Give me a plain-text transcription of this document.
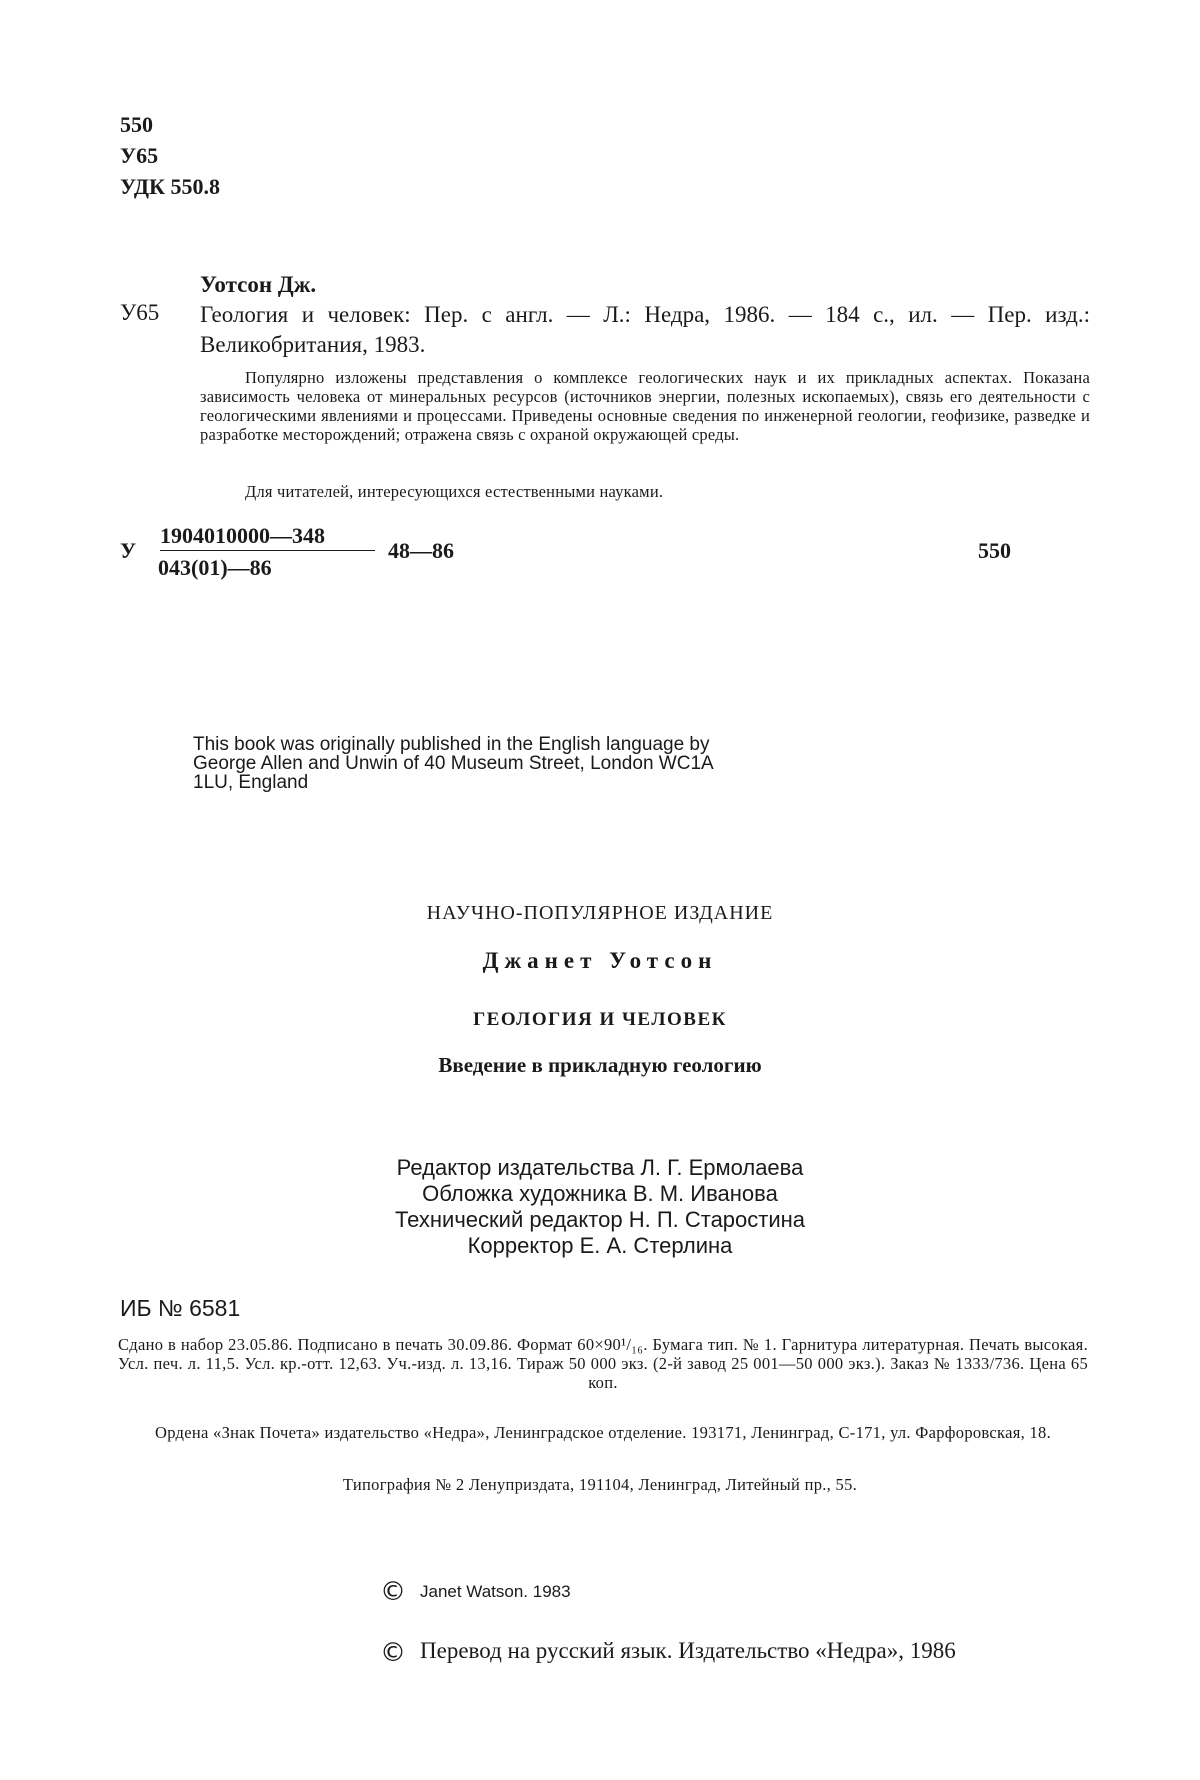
550
У65
УДК 550.8
Уотсон Дж.
У65 Геология и человек: Пер. с англ. — Л.: Недра, 1986. — 184 с., ил. — Пер. изд.: Великобритания, 1983.
Популярно изложены представления о комплексе геологических наук и их прикладных аспектах. Показана зависимость человека от минеральных ресурсов (источников энергии, полезных ископаемых), связь его деятельности с геологическими явлениями и процессами. Приведены основные сведения по инженерной геологии, геофизике, разведке и разработке месторождений; отражена связь с охраной окружающей среды.
Для читателей, интересующихся естественными науками.
У
1904010000—348
043(01)—86
48—86	550
This book was originally published in the English language by George Allen and Unwin of 40 Museum Street, London WC1A 1LU, England
НАУЧНО-ПОПУЛЯРНОЕ ИЗДАНИЕ
Джанет Уотсон
ГЕОЛОГИЯ И ЧЕЛОВЕК
Введение в прикладную геологию
Редактор издательства Л. Г. Ермолаева
Обложка художника В. М. Иванова
Технический редактор Н. П. Старостина
Корректор Е. А. Стерлина
ИБ № 6581
Сдано в набор 23.05.86. Подписано в печать 30.09.86. Формат 60×90¹/₁₆. Бумага тип. № 1. Гарнитура литературная. Печать высокая. Усл. печ. л. 11,5. Усл. кр.-отт. 12,63. Уч.-изд. л. 13,16. Тираж 50 000 экз. (2-й завод 25 001—50 000 экз.). Заказ № 1333/736. Цена 65 коп.
Ордена «Знак Почета» издательство «Недра», Ленинградское отделение. 193171, Ленинград, С-171, ул. Фарфоровская, 18.
Типография № 2 Ленуприздата, 191104, Ленинград, Литейный пр., 55.
© Janet Watson. 1983
© Перевод на русский язык. Издательство «Недра», 1986
